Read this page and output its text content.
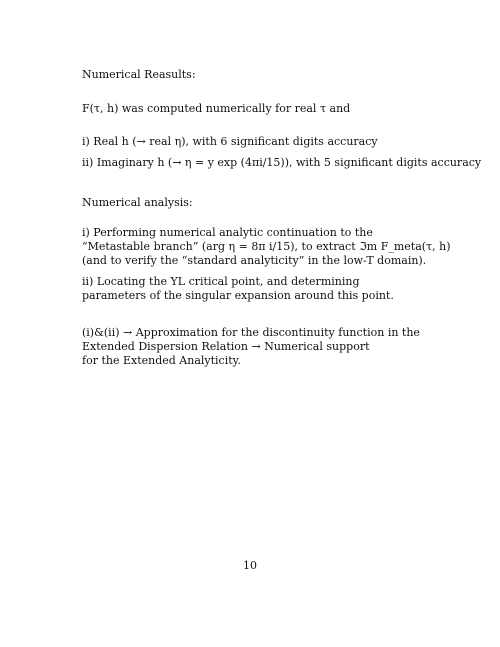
Numerical Reasults:
F(τ, h) was computed numerically for real τ and
i) Real h (→ real η), with 6 significant digits accuracy
ii) Imaginary h (→ η = y exp (4πi/15)), with 5 significant digits accuracy
Numerical analysis:
i) Performing numerical analytic continuation to the
“Metastable branch” (arg η = 8π i/15), to extract ℑm F_meta(τ, h)
(and to verify the “standard analyticity” in the low-T domain).
ii) Locating the YL critical point, and determining
parameters of the singular expansion around this point.
(i)&(ii) → Approximation for the discontinuity function in the
Extended Dispersion Relation → Numerical support
for the Extended Analyticity.
10
